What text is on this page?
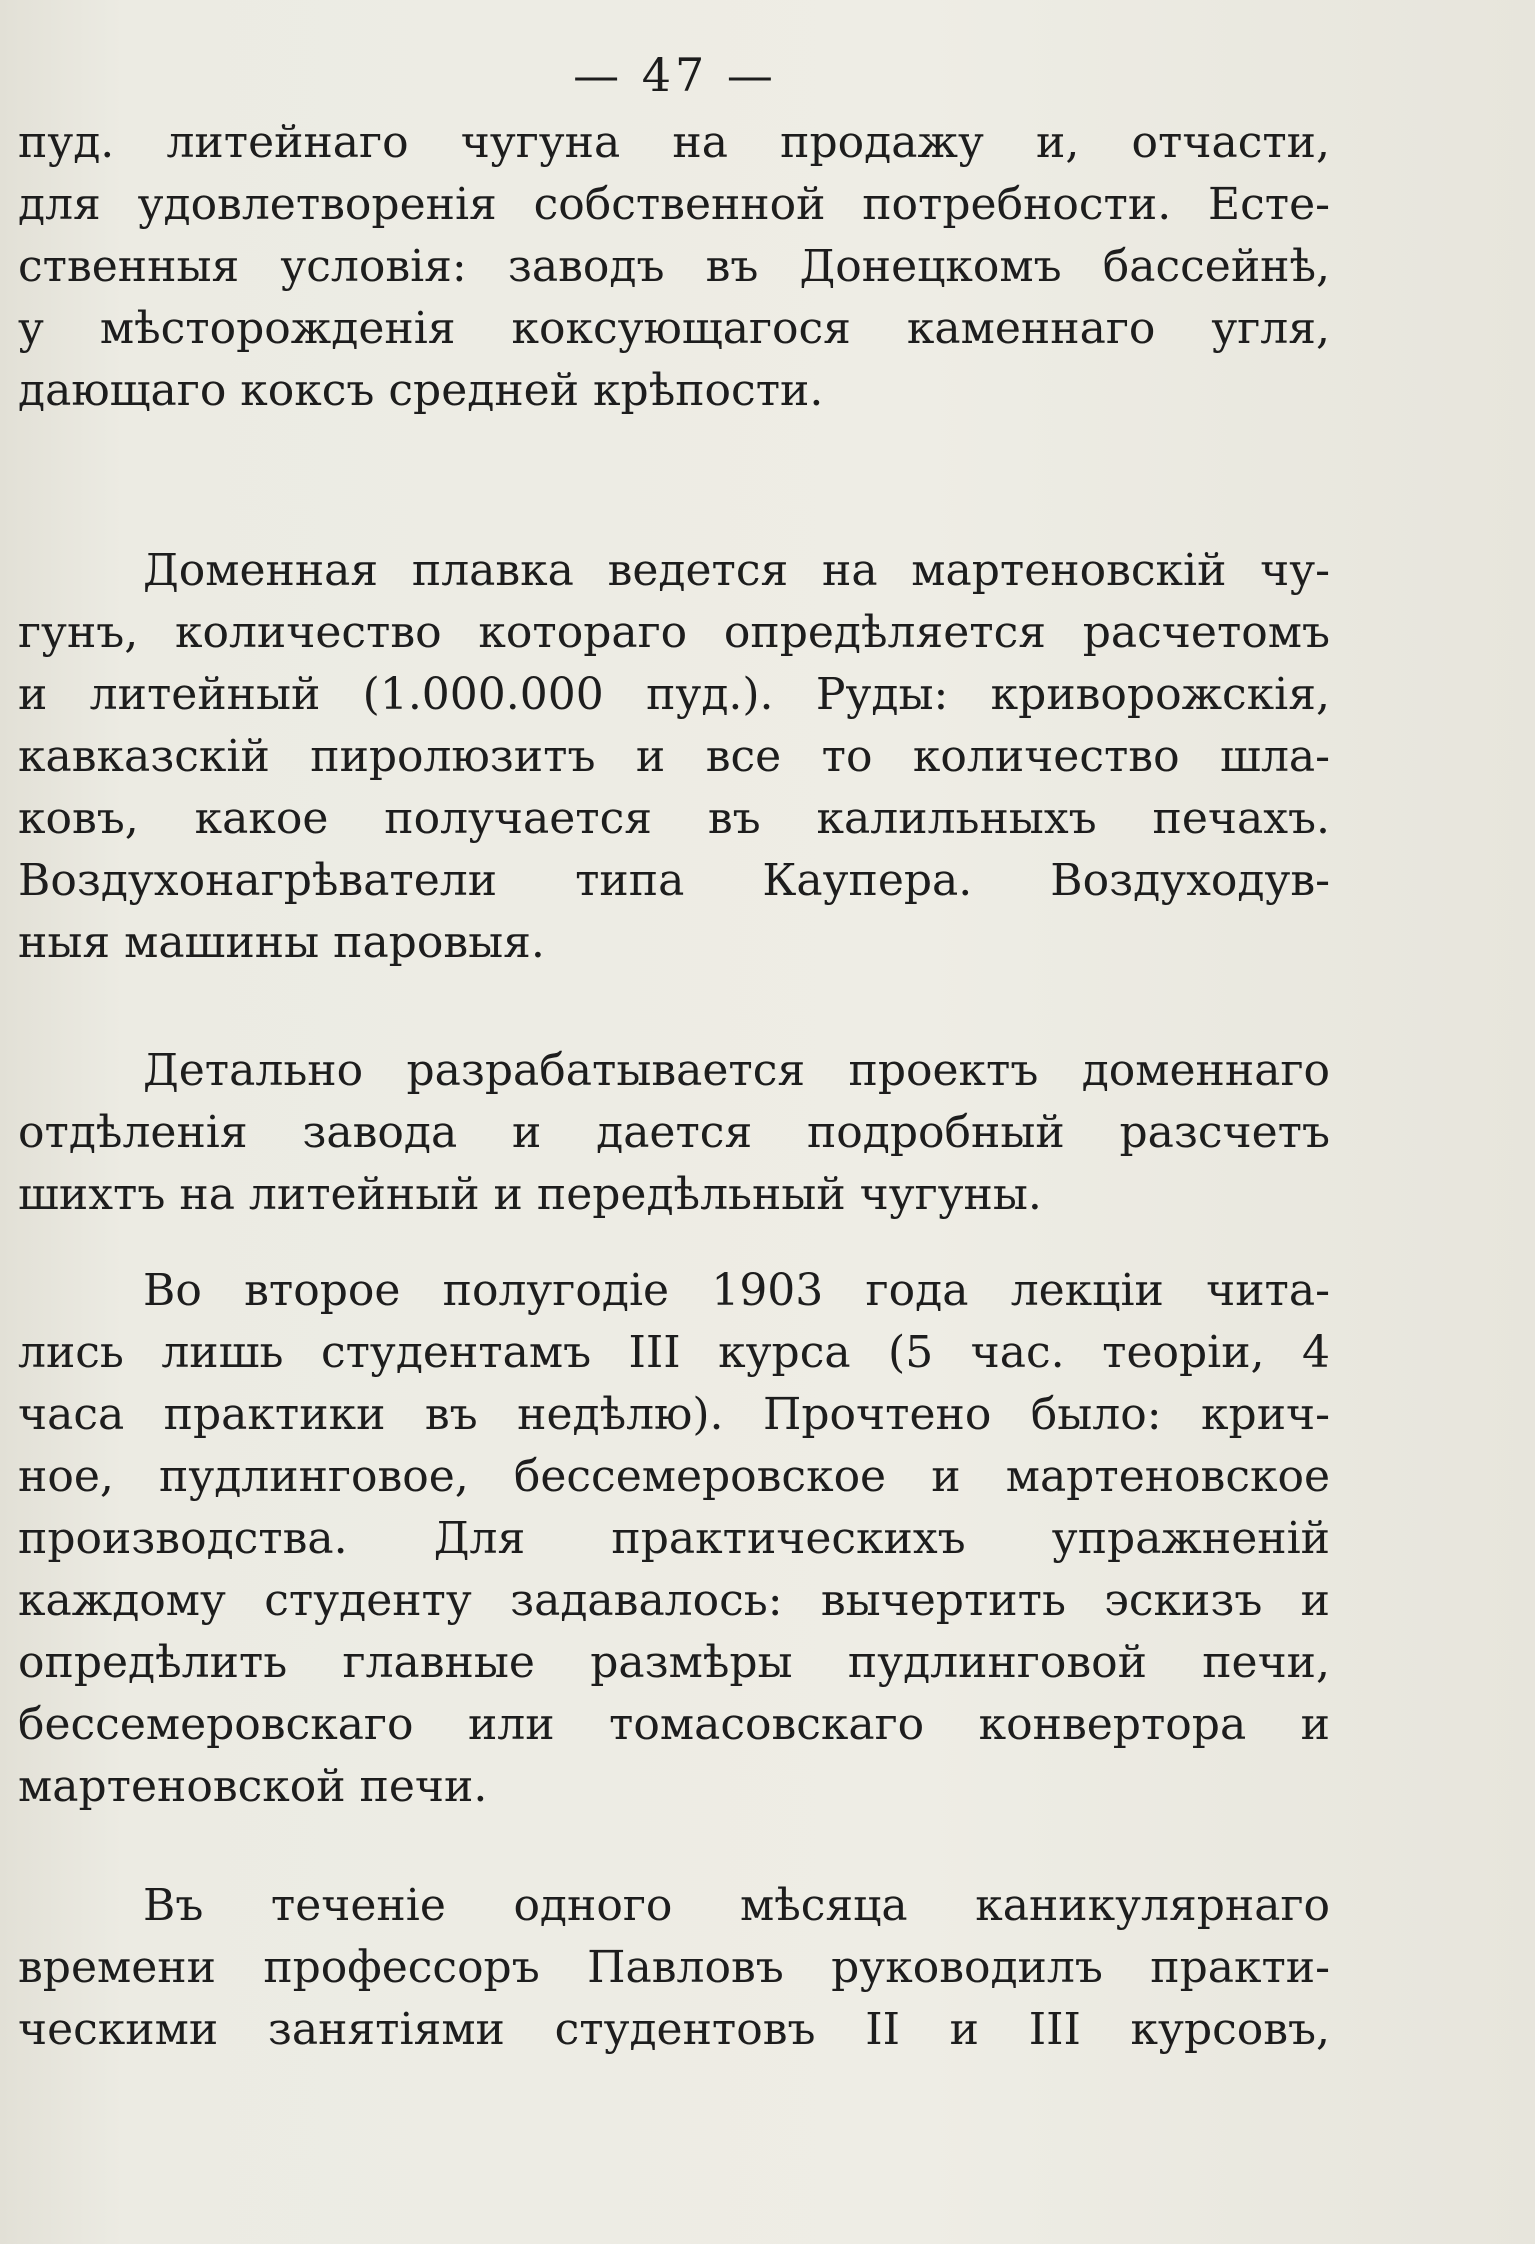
— 47 —
пуд. литейнаго чугуна на продажу и, отчасти,
для удовлетворенія собственной потребности. Есте-
ственныя условія: заводъ въ Донецкомъ бассейнѣ,
у мѣсторожденія коксующагося каменнаго угля,
дающаго коксъ средней крѣпости.
Доменная плавка ведется на мартеновскій чу-
гунъ, количество котораго опредѣляется расчетомъ
и литейный (1.000.000 пуд.). Руды: криворожскія,
кавказскій пиролюзитъ и все то количество шла-
ковъ, какое получается въ калильныхъ печахъ.
Воздухонагрѣватели типа Каупера. Воздуходув-
ныя машины паровыя.
Детально разрабатывается проектъ доменнаго
отдѣленія завода и дается подробный разсчетъ
шихтъ на литейный и передѣльный чугуны.
Во второе полугодіе 1903 года лекціи чита-
лись лишь студентамъ III курса (5 час. теоріи, 4
часа практики въ недѣлю). Прочтено было: крич-
ное, пудлинговое, бессемеровское и мартеновское
производства. Для практическихъ упражненій
каждому студенту задавалось: вычертить эскизъ и
опредѣлить главные размѣры пудлинговой печи,
бессемеровскаго или томасовскаго конвертора и
мартеновской печи.
Въ теченіе одного мѣсяца каникулярнаго
времени профессоръ Павловъ руководилъ практи-
ческими занятіями студентовъ II и III курсовъ,
